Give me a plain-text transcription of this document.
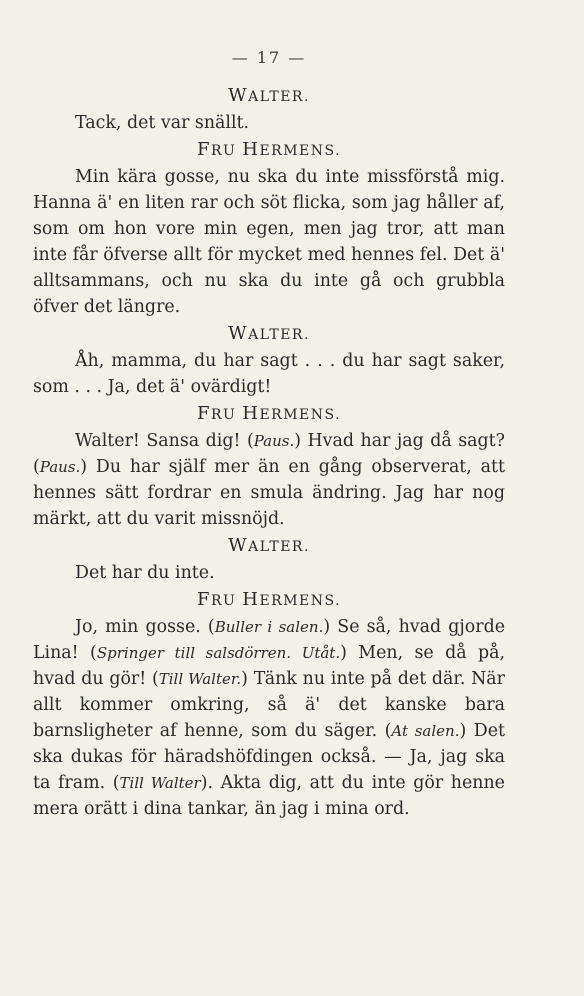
— 17 —
WALTER.

Tack, det var snällt.

FRU HERMENS.

Min kära gosse, nu ska du inte missförstå mig. Hanna ä' en liten rar och söt flicka, som jag håller af, som om hon vore min egen, men jag tror, att man inte får öfverse allt för mycket med hennes fel. Det ä' alltsammans, och nu ska du inte gå och grubbla öfver det längre.

WALTER.

Åh, mamma, du har sagt . . . du har sagt saker, som . . . Ja, det ä' ovärdigt!

FRU HERMENS.

Walter! Sansa dig! (Paus.) Hvad har jag då sagt? (Paus.) Du har själf mer än en gång observerat, att hennes sätt fordrar en smula ändring. Jag har nog märkt, att du varit missnöjd.

WALTER.

Det har du inte.

FRU HERMENS.

Jo, min gosse. (Buller i salen.) Se så, hvad gjorde Lina! (Springer till salsdörren. Utåt.) Men, se då på, hvad du gör! (Till Walter.) Tänk nu inte på det där. När allt kommer omkring, så ä' det kanske bara barnsligheter af henne, som du säger. (At salen.) Det ska dukas för häradshöfdingen också. — Ja, jag ska ta fram. (Till Walter). Akta dig, att du inte gör henne mera orätt i dina tankar, än jag i mina ord.
